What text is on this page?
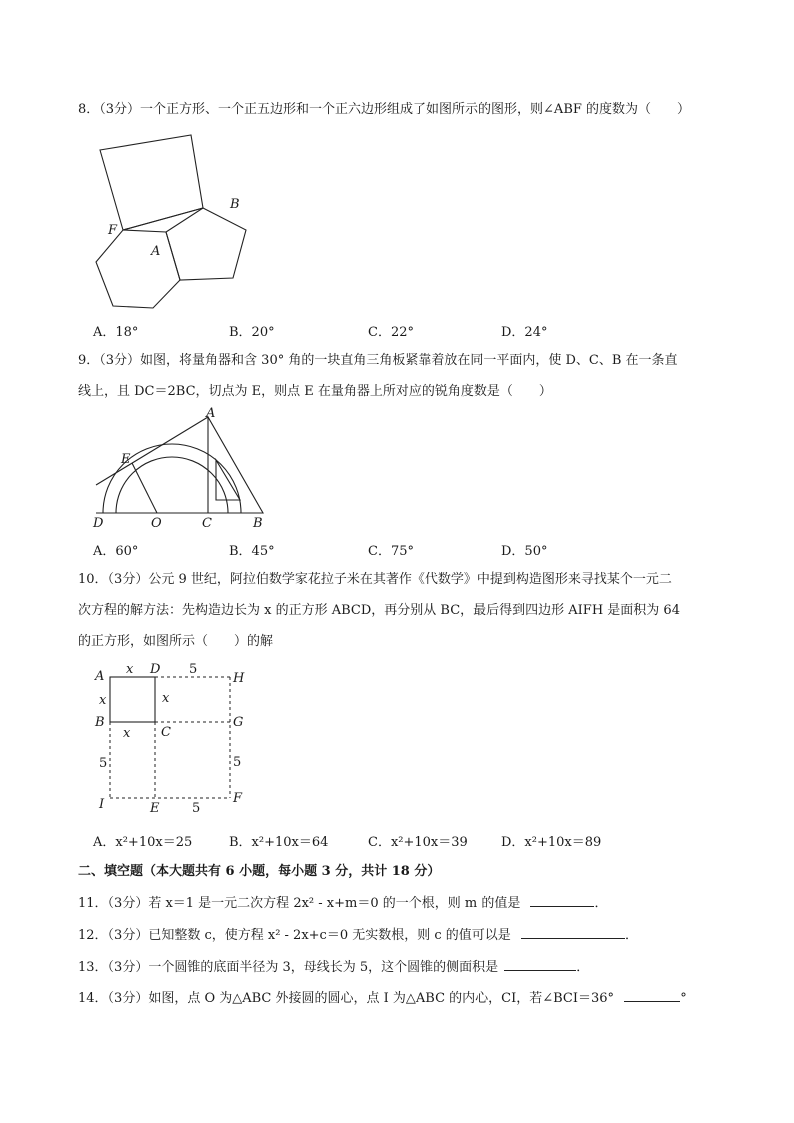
8．（3分）一个正方形、一个正五边形和一个正六边形组成了如图所示的图形，则∠ABF 的度数为（　　）
F
A
B
A．18°	B．20°	C．22°	D．24°
9．（3分）如图，将量角器和含 30° 角的一块直角三角板紧靠着放在同一平面内，使 D、C、B 在一条直
线上，且 DC＝2BC，切点为 E，则点 E 在量角器上所对应的锐角度数是（　　）
A
E
D	O	C	B
A．60°	B．45°	C．75°	D．50°
10．（3分）公元 9 世纪，阿拉伯数学家花拉子米在其著作《代数学》中提到构造图形来寻找某个一元二
次方程的解方法：先构造边长为 x 的正方形 ABCD，再分别从 BC，最后得到四边形 AIFH 是面积为 64
的正方形，如图所示（　　）的解
A	D
H
B	G
C
I	E
F
x
x	x
x
5
5	5
5
A．x²+10x＝25	B．x²+10x＝64	C．x²+10x＝39	D．x²+10x＝89
二、填空题（本大题共有 6 小题，每小题 3 分，共计 18 分）
11．（3分）若 x＝1 是一元二次方程 2x² - x+m＝0 的一个根，则 m 的值是	．
12．（3分）已知整数 c，使方程 x² - 2x+c＝0 无实数根，则 c 的值可以是	．
13．（3分）一个圆锥的底面半径为 3，母线长为 5，这个圆锥的侧面积是	．
14．（3分）如图，点 O 为△ABC 外接圆的圆心，点 I 为△ABC 的内心，CI，若∠BCI＝36°	°
